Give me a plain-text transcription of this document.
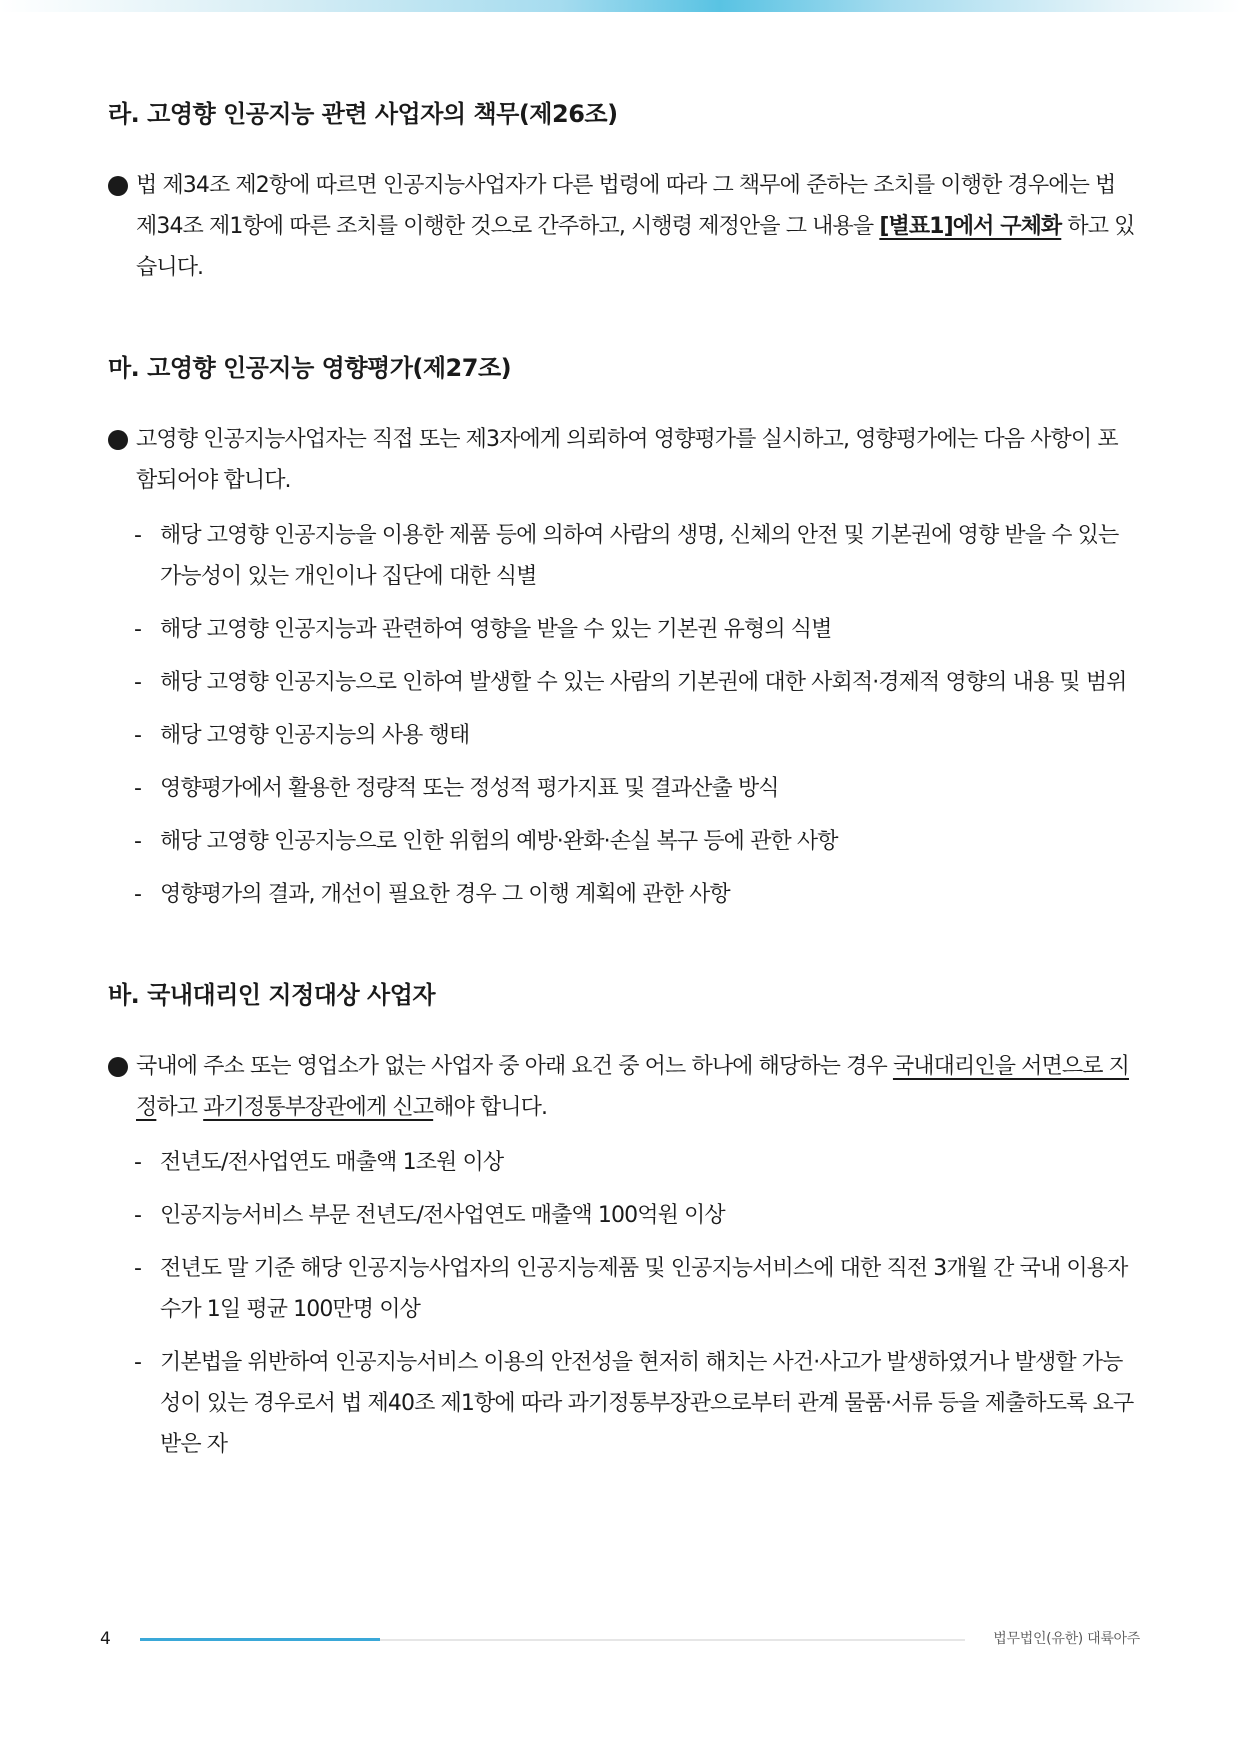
라. 고영향 인공지능 관련 사업자의 책무(제26조)
법 제34조 제2항에 따르면 인공지능사업자가 다른 법령에 따라 그 책무에 준하는 조치를 이행한 경우에는 법 제34조 제1항에 따른 조치를 이행한 것으로 간주하고, 시행령 제정안을 그 내용을 [별표1]에서 구체화 하고 있습니다.
마. 고영향 인공지능 영향평가(제27조)
고영향 인공지능사업자는 직접 또는 제3자에게 의뢰하여 영향평가를 실시하고, 영향평가에는 다음 사항이 포함되어야 합니다.
- 해당 고영향 인공지능을 이용한 제품 등에 의하여 사람의 생명, 신체의 안전 및 기본권에 영향 받을 수 있는 가능성이 있는 개인이나 집단에 대한 식별
- 해당 고영향 인공지능과 관련하여 영향을 받을 수 있는 기본권 유형의 식별
- 해당 고영향 인공지능으로 인하여 발생할 수 있는 사람의 기본권에 대한 사회적·경제적 영향의 내용 및 범위
- 해당 고영향 인공지능의 사용 행태
- 영향평가에서 활용한 정량적 또는 정성적 평가지표 및 결과산출 방식
- 해당 고영향 인공지능으로 인한 위험의 예방·완화·손실 복구 등에 관한 사항
- 영향평가의 결과, 개선이 필요한 경우 그 이행 계획에 관한 사항
바. 국내대리인 지정대상 사업자
국내에 주소 또는 영업소가 없는 사업자 중 아래 요건 중 어느 하나에 해당하는 경우 국내대리인을 서면으로 지정하고 과기정통부장관에게 신고해야 합니다.
- 전년도/전사업연도 매출액 1조원 이상
- 인공지능서비스 부문 전년도/전사업연도 매출액 100억원 이상
- 전년도 말 기준 해당 인공지능사업자의 인공지능제품 및 인공지능서비스에 대한 직전 3개월 간 국내 이용자 수가 1일 평균 100만명 이상
- 기본법을 위반하여 인공지능서비스 이용의 안전성을 현저히 해치는 사건·사고가 발생하였거나 발생할 가능성이 있는 경우로서 법 제40조 제1항에 따라 과기정통부장관으로부터 관계 물품·서류 등을 제출하도록 요구받은 자
4	법무법인(유한) 대륙아주
